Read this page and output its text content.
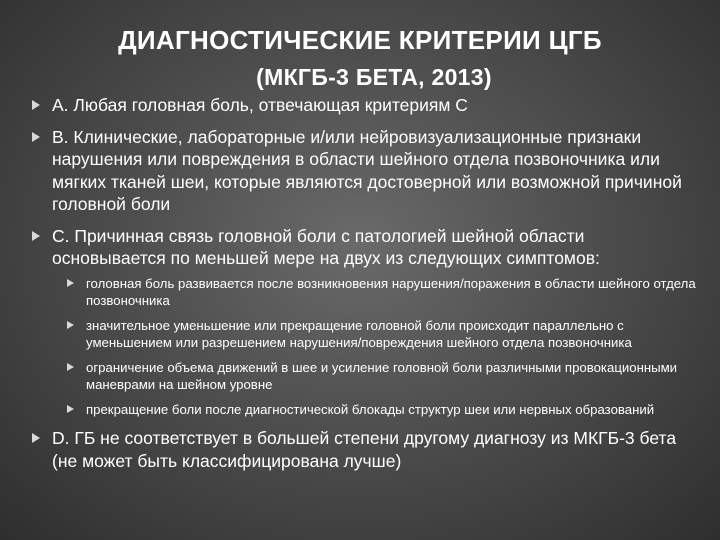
ДИАГНОСТИЧЕСКИЕ КРИТЕРИИ ЦГБ
(МКГБ-3 БЕТА, 2013)
A. Любая головная боль, отвечающая критериям С
B. Клинические, лабораторные и/или нейровизуализационные признаки нарушения или повреждения в области шейного отдела позвоночника или мягких тканей шеи, которые являются достоверной или возможной причиной головной боли
C. Причинная связь головной боли с патологией шейной области основывается по меньшей мере на двух из следующих симптомов:
головная боль развивается после возникновения нарушения/поражения в области шейного отдела позвоночника
значительное уменьшение или прекращение головной боли происходит параллельно с уменьшением или разрешением нарушения/повреждения шейного отдела позвоночника
ограничение объема движений в шее и усиление головной боли различными провокационными маневрами на шейном уровне
прекращение боли после диагностической блокады структур шеи или нервных образований
D. ГБ не соответствует в большей степени другому диагнозу из МКГБ-3 бета (не может быть классифицирована лучше)
